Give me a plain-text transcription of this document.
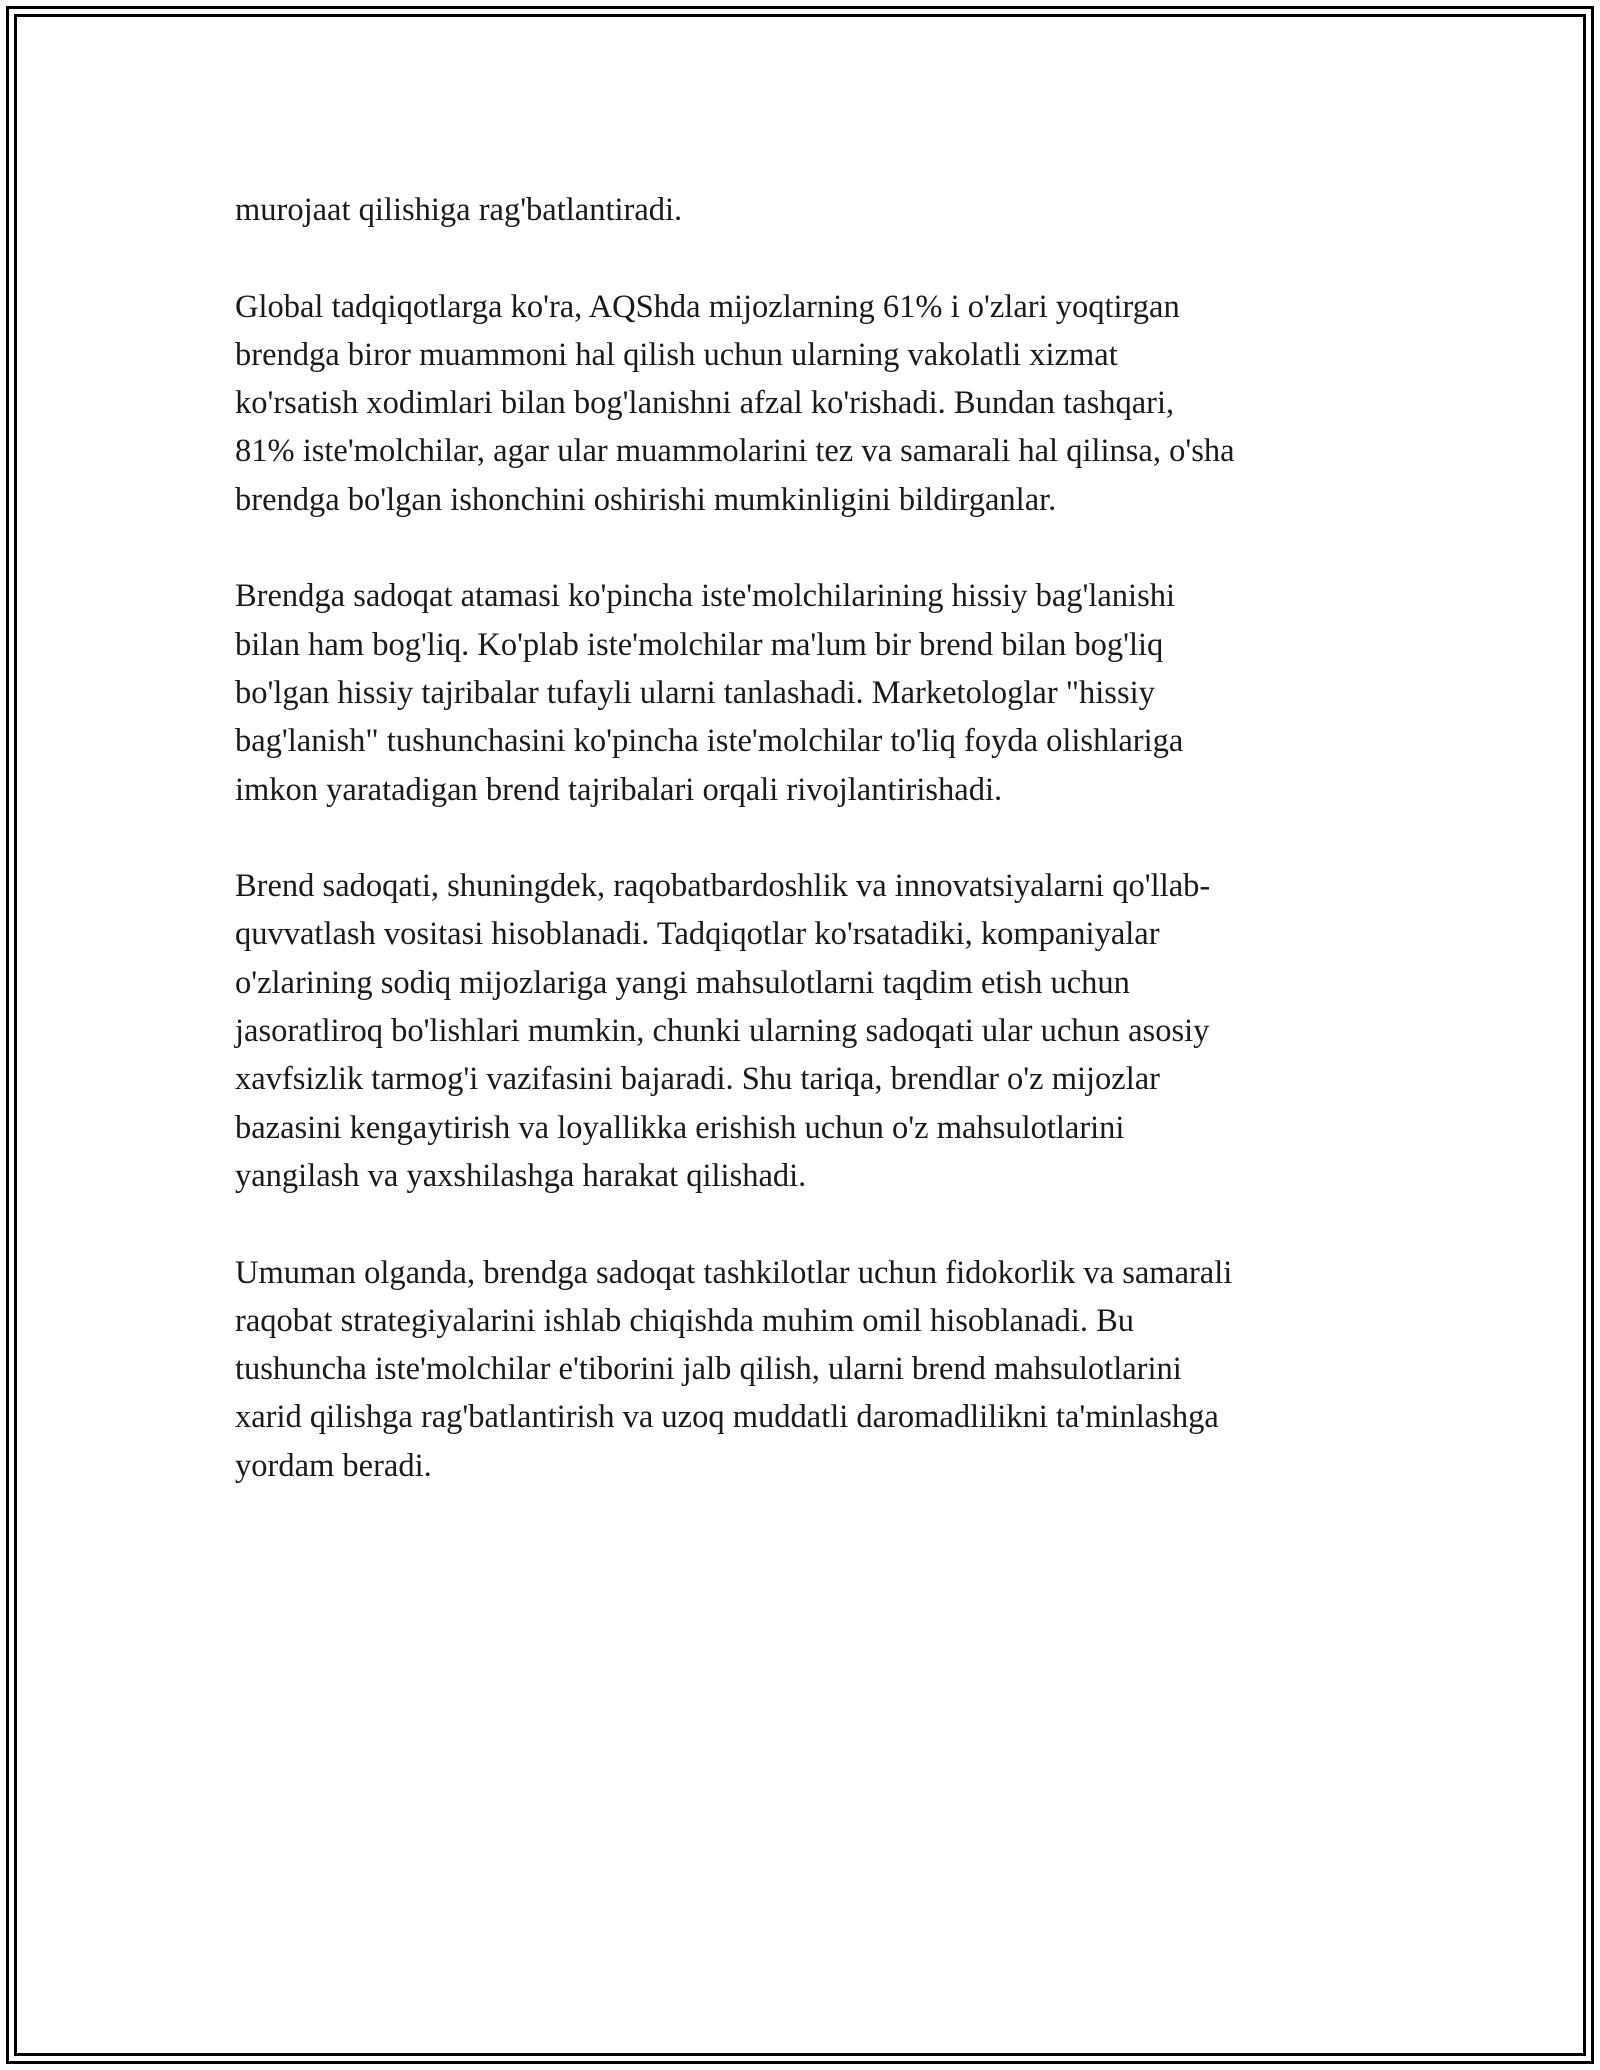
murojaat qilishiga rag'batlantiradi.

Global tadqiqotlarga ko'ra, AQShda mijozlarning 61% i o'zlari yoqtirgan
brendga biror muammoni hal qilish uchun ularning vakolatli xizmat
ko'rsatish xodimlari bilan bog'lanishni afzal ko'rishadi. Bundan tashqari,
81% iste'molchilar, agar ular muammolarini tez va samarali hal qilinsa, o'sha
brendga bo'lgan ishonchini oshirishi mumkinligini bildirganlar.

Brendga sadoqat atamasi ko'pincha iste'molchilarining hissiy bag'lanishi
bilan ham bog'liq. Ko'plab iste'molchilar ma'lum bir brend bilan bog'liq
bo'lgan hissiy tajribalar tufayli ularni tanlashadi. Marketologlar "hissiy
bag'lanish" tushunchasini ko'pincha iste'molchilar to'liq foyda olishlariga
imkon yaratadigan brend tajribalari orqali rivojlantirishadi.

Brend sadoqati, shuningdek, raqobatbardoshlik va innovatsiyalarni qo'llab-
quvvatlash vositasi hisoblanadi. Tadqiqotlar ko'rsatadiki, kompaniyalar
o'zlarining sodiq mijozlariga yangi mahsulotlarni taqdim etish uchun
jasoratliroq bo'lishlari mumkin, chunki ularning sadoqati ular uchun asosiy
xavfsizlik tarmog'i vazifasini bajaradi. Shu tariqa, brendlar o'z mijozlar
bazasini kengaytirish va loyallikka erishish uchun o'z mahsulotlarini
yangilash va yaxshilashga harakat qilishadi.

Umuman olganda, brendga sadoqat tashkilotlar uchun fidokorlik va samarali
raqobat strategiyalarini ishlab chiqishda muhim omil hisoblanadi. Bu
tushuncha iste'molchilar e'tiborini jalb qilish, ularni brend mahsulotlarini
xarid qilishga rag'batlantirish va uzoq muddatli daromadlilikni ta'minlashga
yordam beradi.
